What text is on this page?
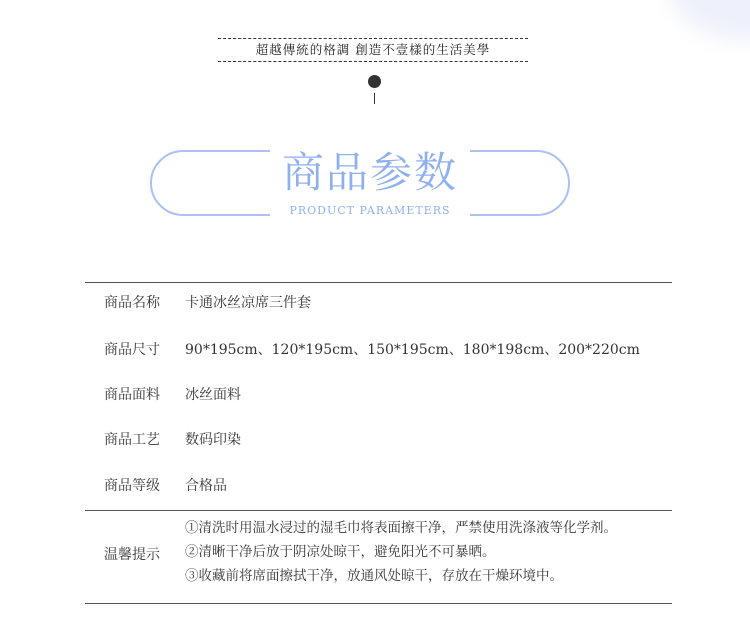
超越傳統的格調 創造不壹樣的生活美學
商品参数
PRODUCT PARAMETERS
商品名称	卡通冰丝凉席三件套
商品尺寸	90*195cm、120*195cm、150*195cm、180*198cm、200*220cm
商品面料	冰丝面料
商品工艺	数码印染
商品等级	合格品
温馨提示
①清洗时用温水浸过的湿毛巾将表面擦干净，严禁使用洗涤液等化学剂。
②清晰干净后放于阴凉处晾干，避免阳光不可暴晒。
③收藏前将席面擦拭干净，放通风处晾干，存放在干燥环境中。
